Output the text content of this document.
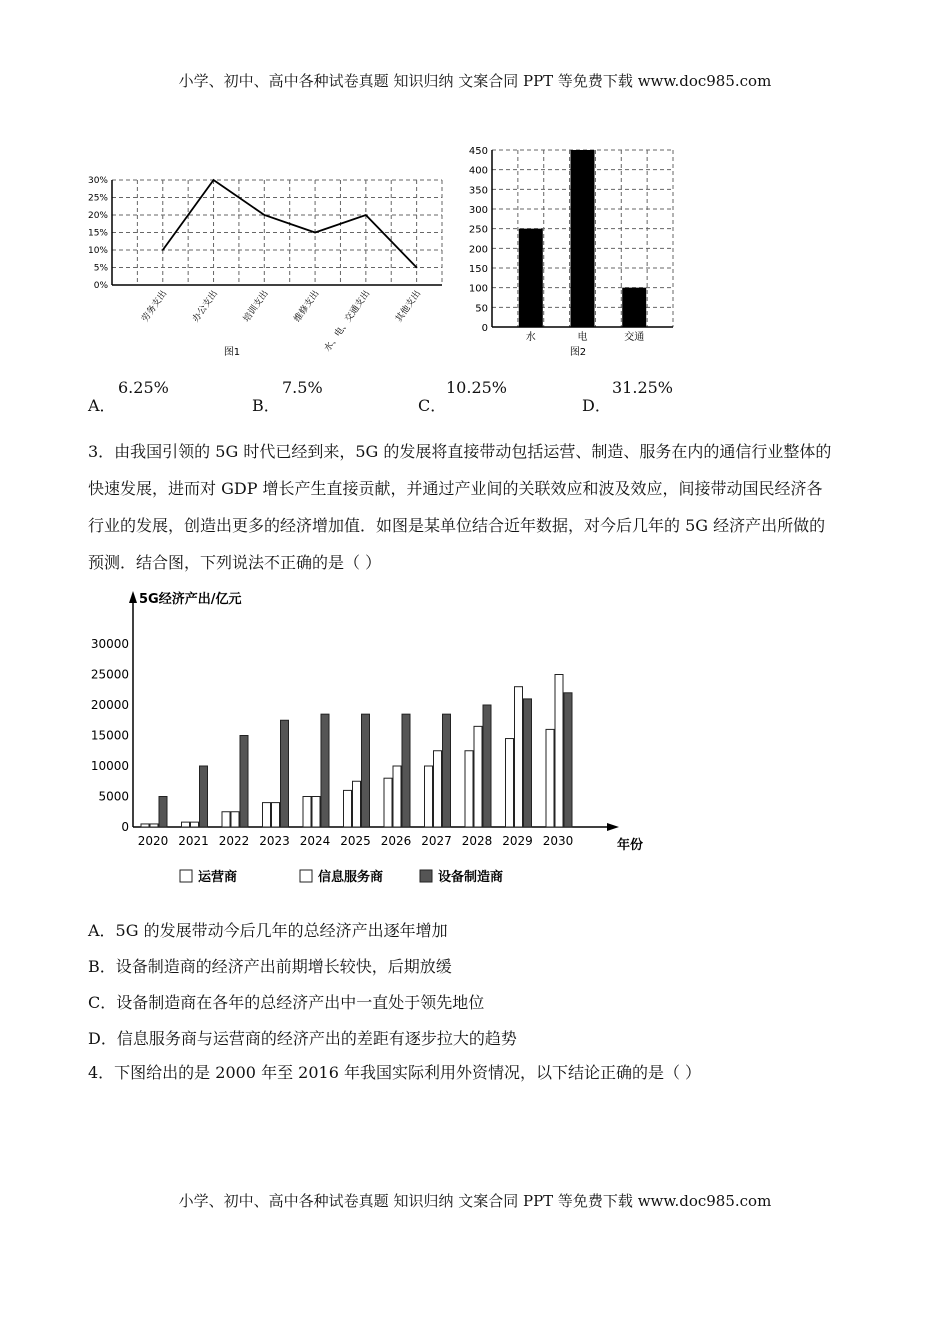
小学、初中、高中各种试卷真题 知识归纳 文案合同 PPT 等免费下载 www.doc985.com
30%
25%
20%
15%
10%
5%
0%
劳务支出 办公支出 培训支出 维修支出 水、电、交通支出 其他支出
图1
450
400
350
300
250
200
150
100
50
0
水	电	交通
图2
A．
6.25%
B．
7.5%
C．
10.25%
D．
31.25%
3．由我国引领的 5G 时代已经到来，5G 的发展将直接带动包括运营、制造、服务在内的通信行业整体的
快速发展，进而对 GDP 增长产生直接贡献，并通过产业间的关联效应和波及效应，间接带动国民经济各
行业的发展，创造出更多的经济增加值．如图是某单位结合近年数据，对今后几年的 5G 经济产出所做的
预测．结合图，下列说法不正确的是（ ）
5G经济产出/亿元
年份
30000
25000
20000
15000
10000
5000
0
2020 2021 2022 2023 2024 2025 2026 2027 2028 2029 2030
运营商	信息服务商	设备制造商
A．5G 的发展带动今后几年的总经济产出逐年增加
B．设备制造商的经济产出前期增长较快，后期放缓
C．设备制造商在各年的总经济产出中一直处于领先地位
D．信息服务商与运营商的经济产出的差距有逐步拉大的趋势
4．下图给出的是 2000 年至 2016 年我国实际利用外资情况，以下结论正确的是（ ）
小学、初中、高中各种试卷真题 知识归纳 文案合同 PPT 等免费下载 www.doc985.com
